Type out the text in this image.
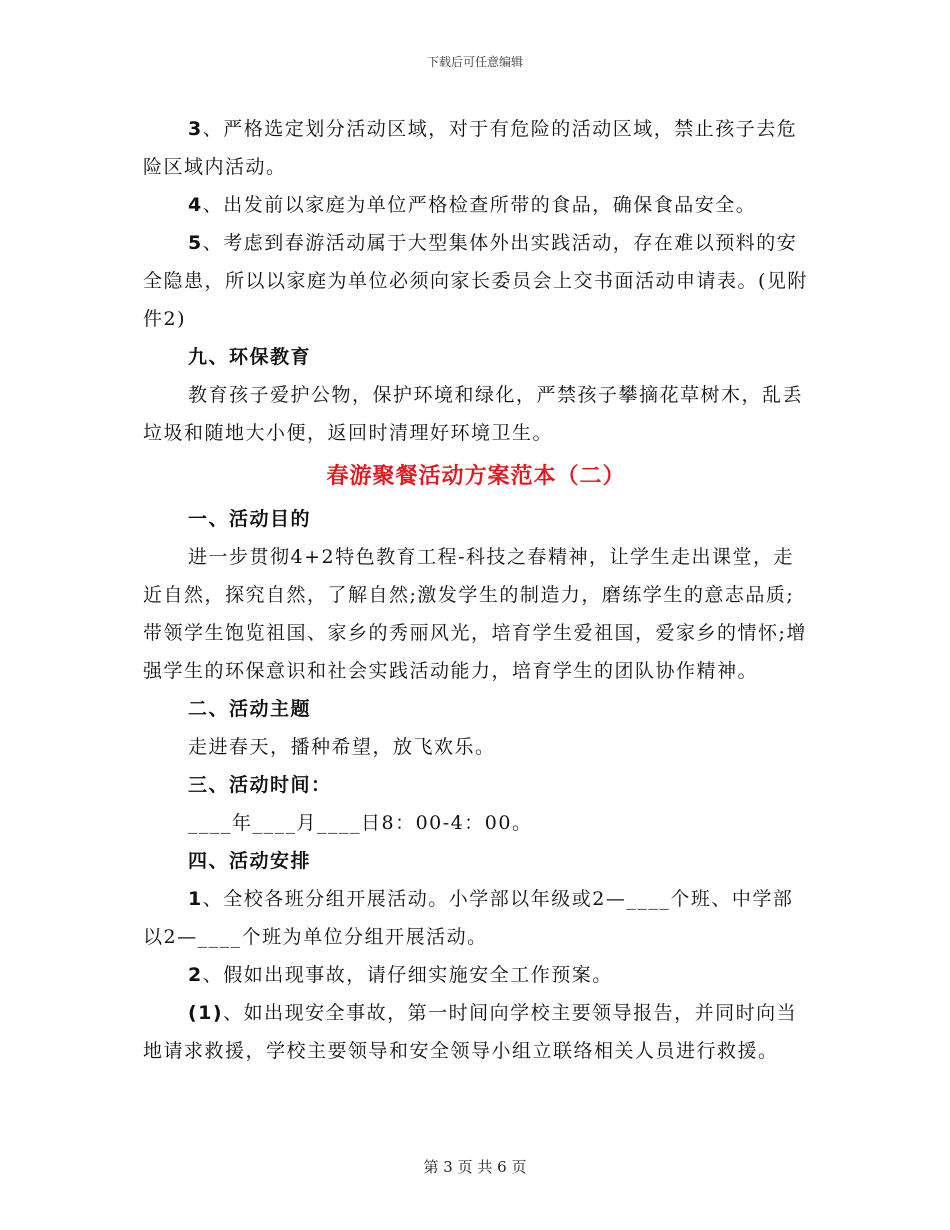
下载后可任意编辑

3、严格选定划分活动区域，对于有危险的活动区域，禁止孩子去危险区域内活动。

4、出发前以家庭为单位严格检查所带的食品，确保食品安全。

5、考虑到春游活动属于大型集体外出实践活动，存在难以预料的安全隐患，所以以家庭为单位必须向家长委员会上交书面活动申请表。(见附件2)

九、环保教育

教育孩子爱护公物，保护环境和绿化，严禁孩子攀摘花草树木，乱丢垃圾和随地大小便，返回时清理好环境卫生。

春游聚餐活动方案范本（二）

一、活动目的

进一步贯彻4+2特色教育工程-科技之春精神，让学生走出课堂，走近自然，探究自然，了解自然;激发学生的制造力，磨练学生的意志品质;带领学生饱览祖国、家乡的秀丽风光，培育学生爱祖国，爱家乡的情怀;增强学生的环保意识和社会实践活动能力，培育学生的团队协作精神。

二、活动主题

走进春天，播种希望，放飞欢乐。

三、活动时间：

____年____月____日8：00-4：00。

四、活动安排

1、全校各班分组开展活动。小学部以年级或2—____个班、中学部以2—____个班为单位分组开展活动。

2、假如出现事故，请仔细实施安全工作预案。

(1)、如出现安全事故，第一时间向学校主要领导报告，并同时向当地请求救援，学校主要领导和安全领导小组立联络相关人员进行救援。

第 3 页 共 6 页
